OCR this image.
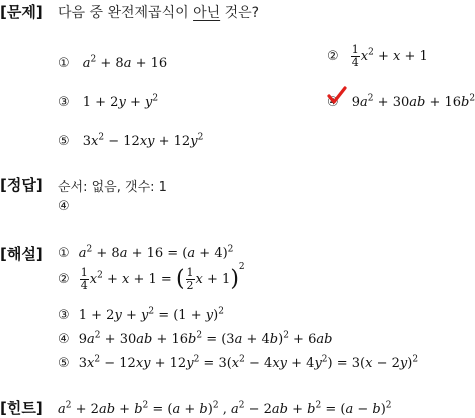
[문제]
[정답]
[해설]
[힌트]
다음 중 완전제곱식이 아닌 것은?
① $a^2 + 8a + 16$	② $\frac{1}{4} x^2 + x + 1$
③ $1 + 2y + y^2$	④ $9a^2 + 30ab + 16b^2$
⑤ $3x^2 - 12xy + 12y^2$
순서: 없음, 갯수: 1
④
① $a^2 + 8a + 16 = (a + 4)^2$
② $\frac{1}{4} x^2 + x + 1$ = ( $\frac{1}{2}$ x + 1)$^2$
③ $1 + 2y + y^2 = (1 + y)^2$
④ $9a^2 + 30ab + 16b^2 = (3a + 4b)^2 + 6ab$
⑤ $3x^2 - 12xy + 12y^2 = 3(x^2 - 4xy + 4y^2) = 3(x - 2y)^2$
$a^2 + 2ab + b^2 = (a + b)^2$ , $a^2 - 2ab + b^2 = (a - b)^2$
